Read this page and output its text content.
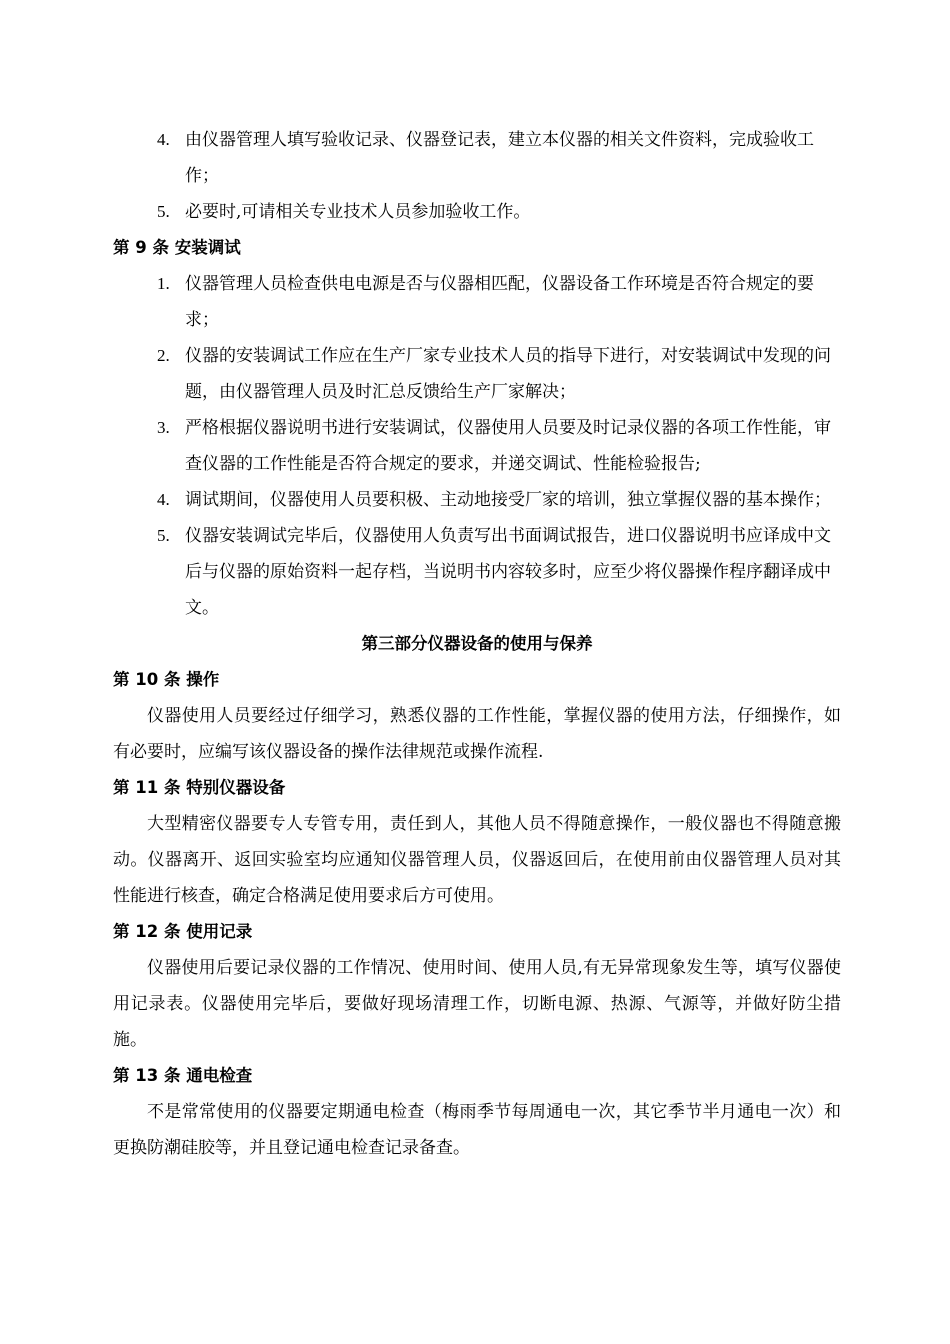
4. 由仪器管理人填写验收记录、仪器登记表，建立本仪器的相关文件资料，完成验收工作；
5. 必要时,可请相关专业技术人员参加验收工作。
第 9 条 安装调试
1. 仪器管理人员检查供电电源是否与仪器相匹配，仪器设备工作环境是否符合规定的要求；
2. 仪器的安装调试工作应在生产厂家专业技术人员的指导下进行，对安装调试中发现的问题，由仪器管理人员及时汇总反馈给生产厂家解决；
3. 严格根据仪器说明书进行安装调试，仪器使用人员要及时记录仪器的各项工作性能，审查仪器的工作性能是否符合规定的要求，并递交调试、性能检验报告;
4. 调试期间，仪器使用人员要积极、主动地接受厂家的培训，独立掌握仪器的基本操作；
5. 仪器安装调试完毕后，仪器使用人负责写出书面调试报告，进口仪器说明书应译成中文后与仪器的原始资料一起存档，当说明书内容较多时，应至少将仪器操作程序翻译成中文。
第三部分仪器设备的使用与保养
第 10 条 操作
仪器使用人员要经过仔细学习，熟悉仪器的工作性能，掌握仪器的使用方法，仔细操作，如有必要时，应编写该仪器设备的操作法律规范或操作流程.
第 11 条 特别仪器设备
大型精密仪器要专人专管专用，责任到人，其他人员不得随意操作，一般仪器也不得随意搬动。仪器离开、返回实验室均应通知仪器管理人员，仪器返回后，在使用前由仪器管理人员对其性能进行核查，确定合格满足使用要求后方可使用。
第 12 条 使用记录
仪器使用后要记录仪器的工作情况、使用时间、使用人员,有无异常现象发生等，填写仪器使用记录表。仪器使用完毕后，要做好现场清理工作，切断电源、热源、气源等，并做好防尘措施。
第 13 条 通电检查
不是常常使用的仪器要定期通电检查（梅雨季节每周通电一次，其它季节半月通电一次）和更换防潮硅胶等，并且登记通电检查记录备查。
